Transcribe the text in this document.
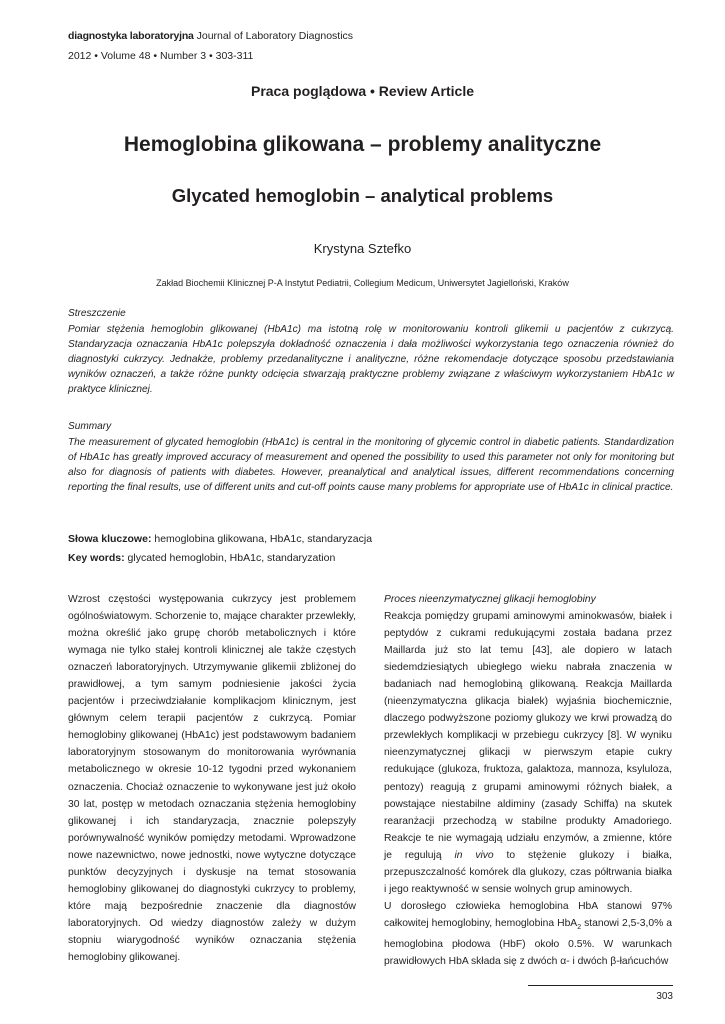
diagnostyka laboratoryjna Journal of Laboratory Diagnostics
2012 • Volume 48 • Number 3 • 303-311
Praca poglądowa • Review Article
Hemoglobina glikowana – problemy analityczne
Glycated hemoglobin – analytical problems
Krystyna Sztefko
Zakład Biochemii Klinicznej P-A Instytut Pediatrii, Collegium Medicum, Uniwersytet Jagielloński, Kraków

Streszczenie

Pomiar stężenia hemoglobin glikowanej (HbA1c) ma istotną rolę w monitorowaniu kontroli glikemii u pacjentów z cukrzycą. Standaryzacja oznaczania HbA1c polepszyła dokładność oznaczenia i dała możliwości wykorzystania tego oznaczenia również do diagnostyki cukrzycy. Jednakże, problemy przedanalityczne i analityczne, różne rekomendacje dotyczące sposobu przedstawiania wyników oznaczeń, a także różne punkty odcięcia stwarzają praktyczne problemy związane z właściwym wykorzystaniem HbA1c w praktyce klinicznej.

Summary

The measurement of glycated hemoglobin (HbA1c) is central in the monitoring of glycemic control in diabetic patients. Standardization of HbA1c has greatly improved accuracy of measurement and opened the possibility to used this parameter not only for monitoring but also for diagnosis of patients with diabetes. However, preanalytical and analytical issues, different recommendations concerning reporting the final results, use of different units and cut-off points cause many problems for appropriate use of HbA1c in clinical practice.

Słowa kluczowe: hemoglobina glikowana, HbA1c, standaryzacja
Key words: glycated hemoglobin, HbA1c, standaryzation

Wzrost częstości występowania cukrzycy jest problemem ogólnoświatowym. Schorzenie to, mające charakter przewlekły, można określić jako grupę chorób metabolicznych i które wymaga nie tylko stałej kontroli klinicznej ale także częstych oznaczeń laboratoryjnych. Utrzymywanie glikemii zbliżonej do prawidłowej, a tym samym podniesienie jakości życia pacjentów i przeciwdziałanie komplikacjom klinicznym, jest głównym celem terapii pacjentów z cukrzycą. Pomiar hemoglobiny glikowanej (HbA1c) jest podstawowym badaniem laboratoryjnym stosowanym do monitorowania wyrównania metabolicznego w okresie 10-12 tygodni przed wykonaniem oznaczenia. Chociaż oznaczenie to wykonywane jest już około 30 lat, postęp w metodach oznaczania stężenia hemoglobiny glikowanej i ich standaryzacja, znacznie polepszyły porównywalność wyników pomiędzy metodami. Wprowadzone nowe nazewnictwo, nowe jednostki, nowe wytyczne dotyczące punktów decyzyjnych i dyskusje na temat stosowania hemoglobiny glikowanej do diagnostyki cukrzycy to problemy, które mają bezpośrednie znaczenie dla diagnostów laboratoryjnych. Od wiedzy diagnostów zależy w dużym stopniu wiarygodność wyników oznaczania stężenia hemoglobiny glikowanej.

Proces nieenzymatycznej glikacji hemoglobiny

Reakcja pomiędzy grupami aminowymi aminokwasów, białek i peptydów z cukrami redukującymi została badana przez Maillarda już sto lat temu [43], ale dopiero w latach siedemdziesiątych ubiegłego wieku nabrała znaczenia w badaniach nad hemoglobiną glikowaną. Reakcja Maillarda (nieenzymatyczna glikacja białek) wyjaśnia biochemicznie, dlaczego podwyższone poziomy glukozy we krwi prowadzą do przewlekłych komplikacji w przebiegu cukrzycy [8]. W wyniku nieenzymatycznej glikacji w pierwszym etapie cukry redukujące (glukoza, fruktoza, galaktoza, mannoza, ksyluloza, pentozy) reagują z grupami aminowymi różnych białek, a powstające niestabilne aldiminy (zasady Schiffa) na skutek rearanżacji przechodzą w stabilne produkty Amadoriego. Reakcje te nie wymagają udziału enzymów, a zmienne, które je regulują in vivo to stężenie glukozy i białka, przepuszczalność komórek dla glukozy, czas półtrwania białka i jego reaktywność w sensie wolnych grup aminowych.

U dorosłego człowieka hemoglobina HbA stanowi 97% całkowitej hemoglobiny, hemoglobina HbA$_2$ stanowi 2,5-3,0% a hemoglobina płodowa (HbF) około 0.5%. W warunkach prawidłowych HbA składa się z dwóch α- i dwóch β-łańcuchów

303
